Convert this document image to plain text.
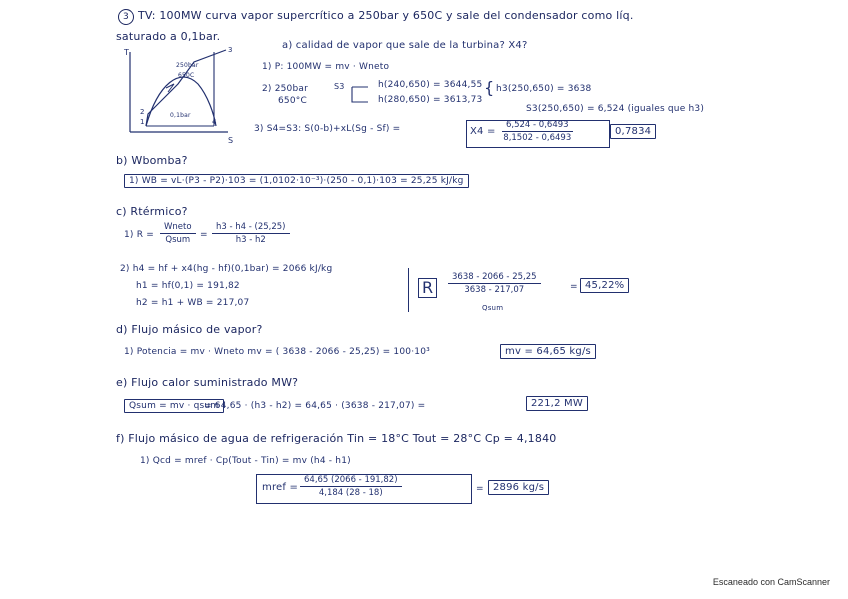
3 TV: 100MW curva vapor supercrítico a 250bar y 650C y sale del condensador como líq.
saturado a 0,1bar.
T
S
250bar
650C
0,1bar
1
2
3
4
a) calidad de vapor que sale de la turbina? X4?
1) P: 100MW = mv · Wneto
2) 250bar
650°C
S3	h(240,650) = 3644,55
h(280,650) = 3613,73
{ h3(250,650) = 3638
S3(250,650) = 6,524 (iguales que h3)
3) S4=S3: S(0-b)+xL(Sg - Sf) =	$X4 = \frac{6,524 - 0,6493}{8,1502 - 0,6493}$	0,7834
b) Wbomba?
1) WB = vL·(P3 - P2)·103 = (1,0102·10⁻³)·(250 - 0,1)·103 = 25,25 kJ/kg
c) Rtérmico?
1) R =
Wneto
Qsum = $\frac{h3 - h4 - (25,25)}{h3 - h2}$
2) h4 = hf + x4(hg - hf)(0,1bar) = 2066 kJ/kg
h1 = hf(0,1) = 191,82
h2 = h1 + WB = 217,07
R	$\frac{3638 - 2066 - 25,25}{3638 - 217,07}$
Qsum
= 45,22%
d) Flujo másico de vapor?
1) Potencia = mv · Wneto mv = ( 3638 - 2066 - 25,25) = 100·10³	mv = 64,65 kg/s
e) Flujo calor suministrado MW?
Qsum = mv · qsum
= 64,65 · (h3 - h2) = 64,65 · (3638 - 217,07) =	221,2 MW
f) Flujo másico de agua de refrigeración Tin = 18°C Tout = 28°C Cp = 4,1840
1) Qcd = mref · Cp(Tout - Tin) = mv (h4 - h1)
mref = $\frac{64,65 (2066 - 191,82)}{4,184 (28 - 18)}$	= 2896 kg/s
Escaneado con CamScanner
